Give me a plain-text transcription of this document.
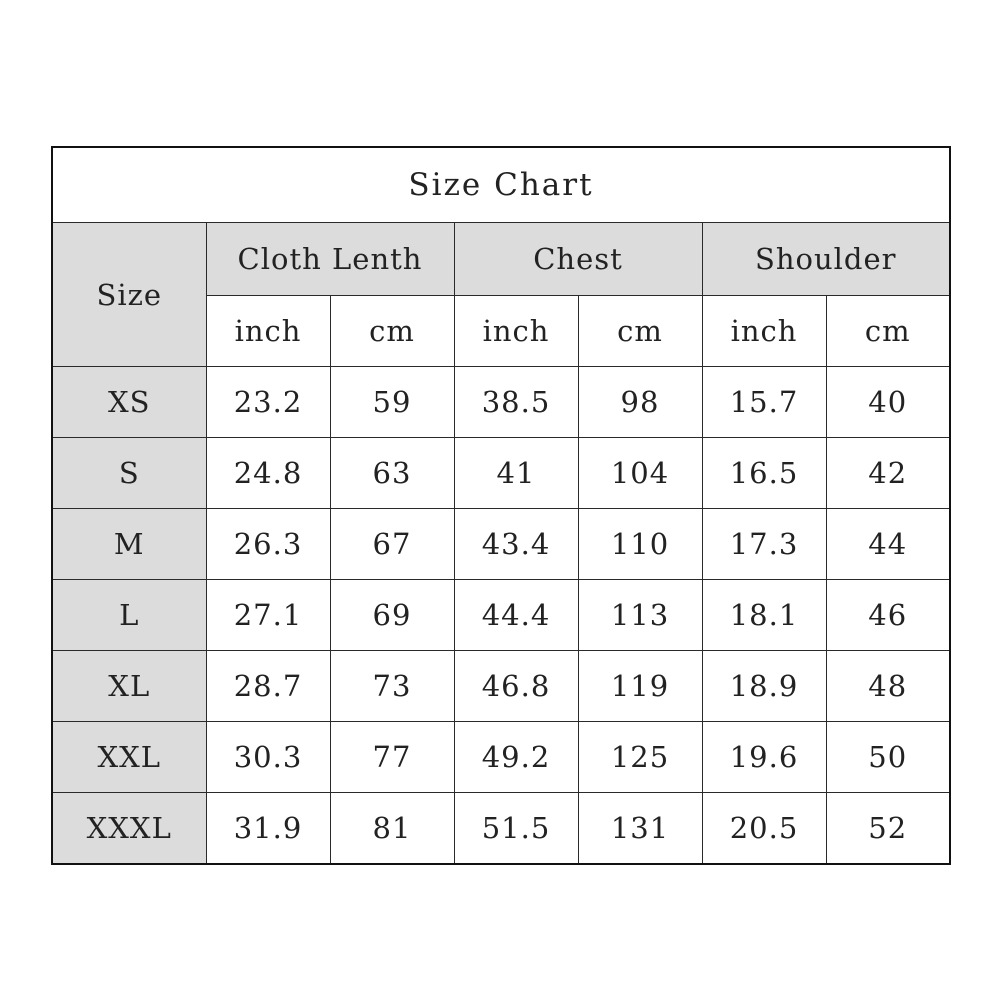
Size Chart						
Size	Cloth Lenth		Chest		Shoulder	
	inch	cm	inch	cm	inch	cm
XS	23.2	59	38.5	98	15.7	40
S	24.8	63	41	104	16.5	42
M	26.3	67	43.4	110	17.3	44
L	27.1	69	44.4	113	18.1	46
XL	28.7	73	46.8	119	18.9	48
XXL	30.3	77	49.2	125	19.6	50
XXXL	31.9	81	51.5	131	20.5	52
